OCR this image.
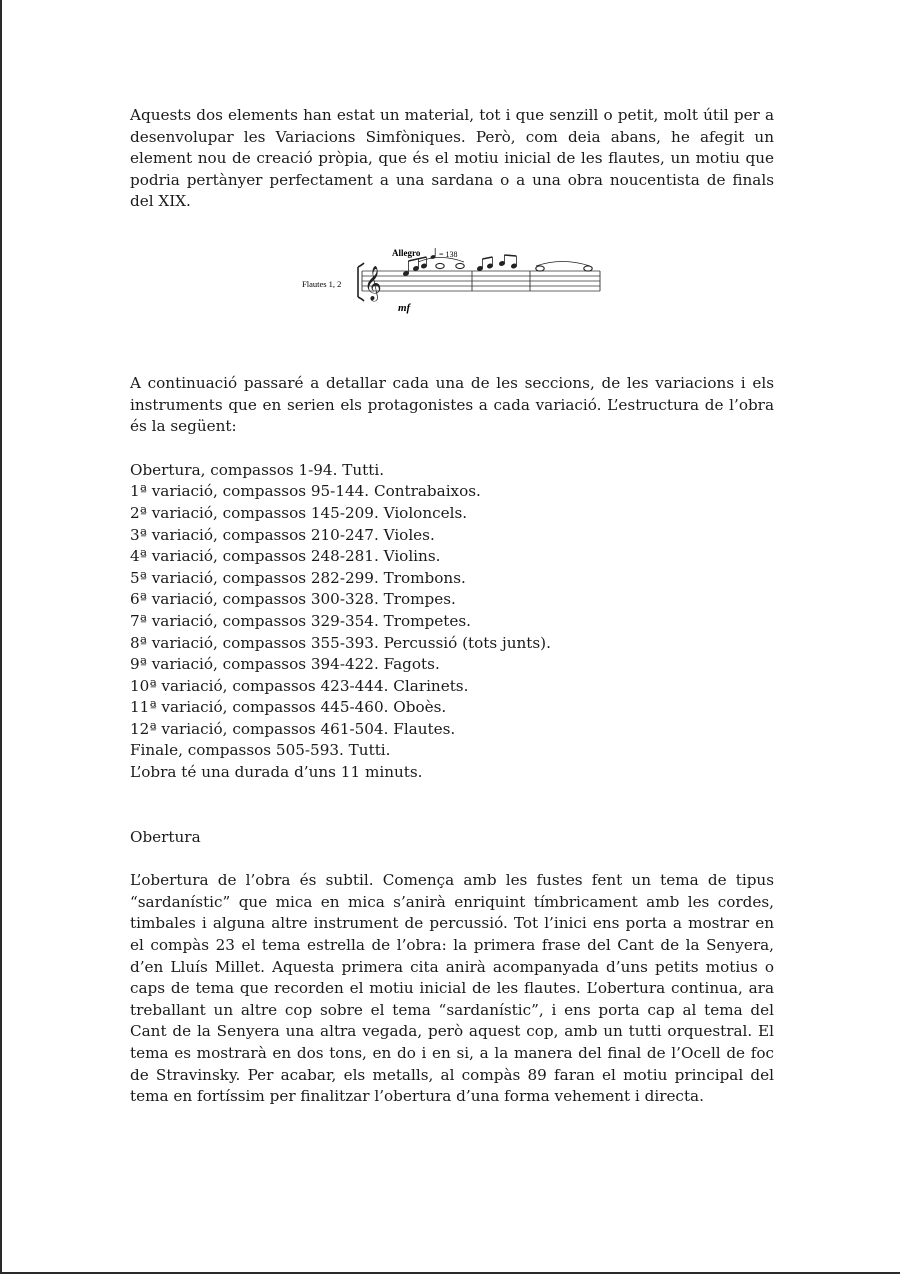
Aquests dos elements han estat un material, tot i que senzill o petit, molt útil per a desenvolupar les Variacions Simfòniques. Però, com deia abans, he afegit un element nou de creació pròpia, que és el motiu inicial de les flautes, un motiu que podria pertànyer perfectament a una sardana o a una obra noucentista de finals del XIX.

Allegro = 138
Flautes 1, 2 𝄞
mf

A continuació passaré a detallar cada una de les seccions, de les variacions i els instruments que en serien els protagonistes a cada variació. L’estructura de l’obra és la següent:

Obertura, compassos 1-94. Tutti.
1ª variació, compassos 95-144. Contrabaixos.
2ª variació, compassos 145-209. Violoncels.
3ª variació, compassos 210-247. Violes.
4ª variació, compassos 248-281. Violins.
5ª variació, compassos 282-299. Trombons.
6ª variació, compassos 300-328. Trompes.
7ª variació, compassos 329-354. Trompetes.
8ª variació, compassos 355-393. Percussió (tots junts).
9ª variació, compassos 394-422. Fagots.
10ª variació, compassos 423-444. Clarinets.
11ª variació, compassos 445-460. Oboès.
12ª variació, compassos 461-504. Flautes.
Finale, compassos 505-593. Tutti.

L’obra té una durada d’uns 11 minuts.

Obertura

L’obertura de l’obra és subtil. Comença amb les fustes fent un tema de tipus “sardanístic” que mica en mica s’anirà enriquint tímbricament amb les cordes, timbales i alguna altre instrument de percussió. Tot l’inici ens porta a mostrar en el compàs 23 el tema estrella de l’obra: la primera frase del Cant de la Senyera, d’en Lluís Millet. Aquesta primera cita anirà acompanyada d’uns petits motius o caps de tema que recorden el motiu inicial de les flautes. L’obertura continua, ara treballant un altre cop sobre el tema “sardanístic”, i ens porta cap al tema del Cant de la Senyera una altra vegada, però aquest cop, amb un tutti orquestral. El tema es mostrarà en dos tons, en do i en si, a la manera del final de l’Ocell de foc de Stravinsky. Per acabar, els metalls, al compàs 89 faran el motiu principal del tema en fortíssim per finalitzar l’obertura d’una forma vehement i directa.
